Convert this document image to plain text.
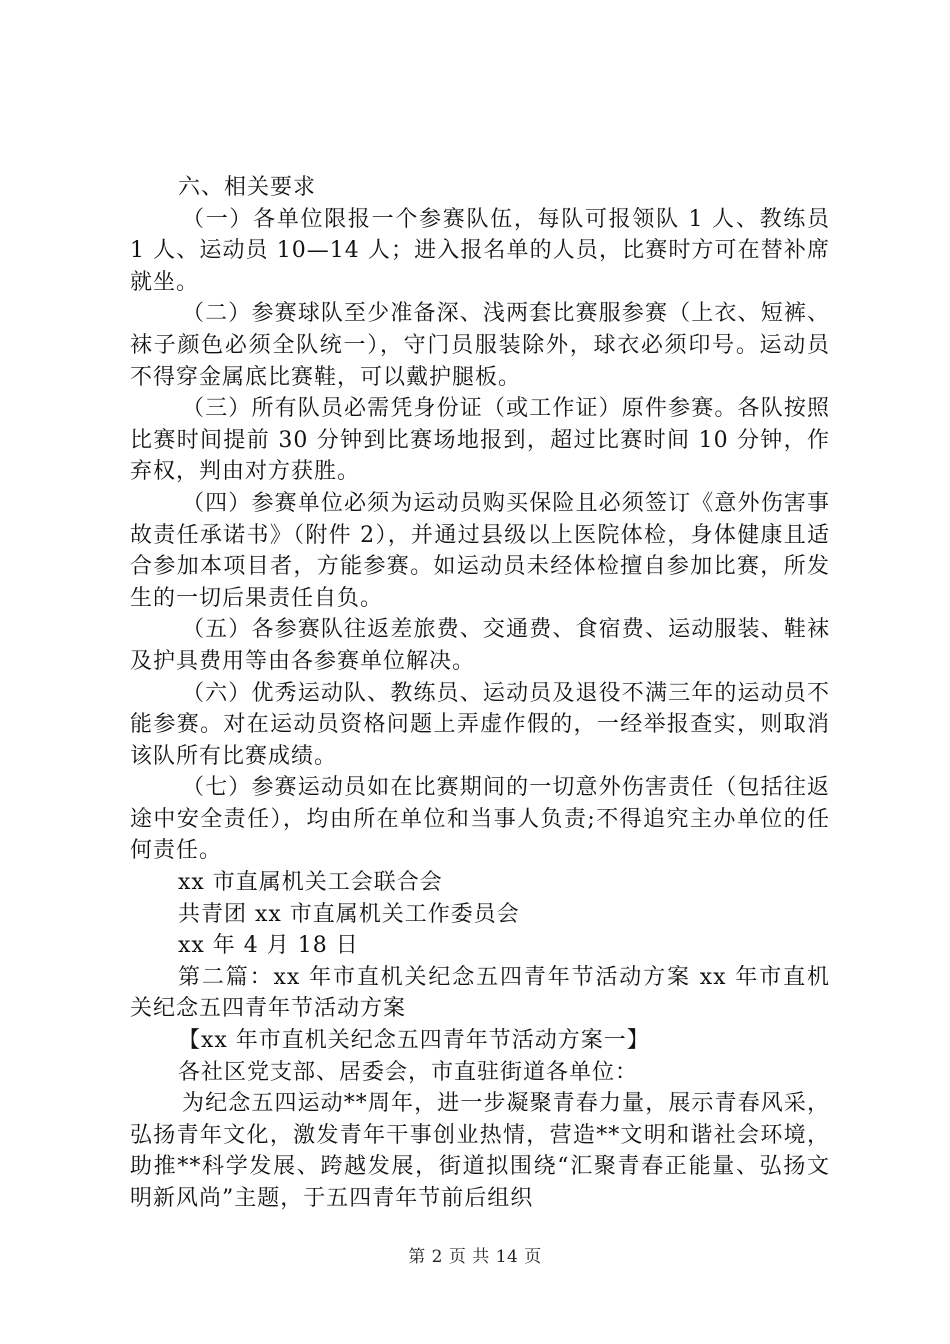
六、相关要求

（一）各单位限报一个参赛队伍，每队可报领队 1 人、教练员 1 人、运动员 10—14 人；进入报名单的人员，比赛时方可在替补席就坐。

（二）参赛球队至少准备深、浅两套比赛服参赛（上衣、短裤、袜子颜色必须全队统一），守门员服装除外，球衣必须印号。运动员不得穿金属底比赛鞋，可以戴护腿板。

（三）所有队员必需凭身份证（或工作证）原件参赛。各队按照比赛时间提前 30 分钟到比赛场地报到，超过比赛时间 10 分钟，作弃权，判由对方获胜。

（四）参赛单位必须为运动员购买保险且必须签订《意外伤害事故责任承诺书》（附件 2），并通过县级以上医院体检，身体健康且适合参加本项目者，方能参赛。如运动员未经体检擅自参加比赛，所发生的一切后果责任自负。

（五）各参赛队往返差旅费、交通费、食宿费、运动服装、鞋袜及护具费用等由各参赛单位解决。

（六）优秀运动队、教练员、运动员及退役不满三年的运动员不能参赛。对在运动员资格问题上弄虚作假的，一经举报查实，则取消该队所有比赛成绩。

（七）参赛运动员如在比赛期间的一切意外伤害责任（包括往返途中安全责任），均由所在单位和当事人负责;不得追究主办单位的任何责任。

xx 市直属机关工会联合会

共青团 xx 市直属机关工作委员会

xx 年 4 月 18 日

第二篇：xx 年市直机关纪念五四青年节活动方案 xx 年市直机关纪念五四青年节活动方案

【xx 年市直机关纪念五四青年节活动方案一】

各社区党支部、居委会，市直驻街道各单位：

为纪念五四运动**周年，进一步凝聚青春力量，展示青春风采，弘扬青年文化，激发青年干事创业热情，营造**文明和谐社会环境，助推**科学发展、跨越发展，街道拟围绕“汇聚青春正能量、弘扬文明新风尚”主题，于五四青年节前后组织

第 2 页 共 14 页
